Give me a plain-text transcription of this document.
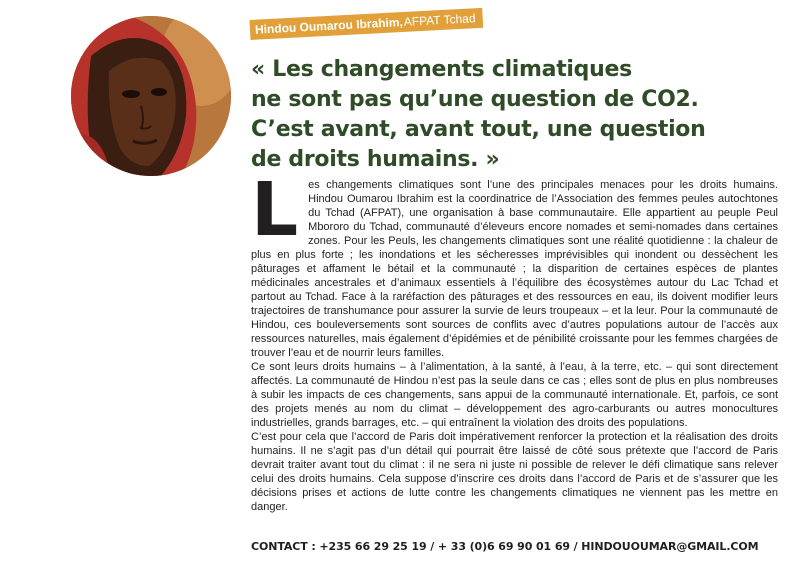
Hindou Oumarou Ibrahim, AFPAT Tchad
« Les changements climatiques
ne sont pas qu’une question de CO2.
C’est avant, avant tout, une question
de droits humains. »

Les changements climatiques sont l’une des principales menaces pour les droits humains. Hindou Oumarou Ibrahim est la coordinatrice de l’Association des femmes peules autochtones du Tchad (AFPAT), une organisation à base communautaire. Elle appartient au peuple Peul Mbororo du Tchad, communauté d’éleveurs encore nomades et semi-nomades dans certaines zones. Pour les Peuls, les changements climatiques sont une réalité quotidienne : la chaleur de plus en plus forte ; les inondations et les sécheresses imprévisibles qui inondent ou dessèchent les pâturages et affament le bétail et la communauté ; la disparition de certaines espèces de plantes médicinales ancestrales et d’animaux essentiels à l’équilibre des écosystèmes autour du Lac Tchad et partout au Tchad. Face à la raréfaction des pâturages et des ressources en eau, ils doivent modifier leurs trajectoires de transhumance pour assurer la survie de leurs troupeaux – et la leur. Pour la communauté de Hindou, ces bouleversements sont sources de conflits avec d’autres populations autour de l’accès aux ressources naturelles, mais également d’épidémies et de pénibilité croissante pour les femmes chargées de trouver l’eau et de nourrir leurs familles.

Ce sont leurs droits humains – à l’alimentation, à la santé, à l’eau, à la terre, etc. – qui sont directement affectés. La communauté de Hindou n’est pas la seule dans ce cas ; elles sont de plus en plus nombreuses à subir les impacts de ces changements, sans appui de la communauté internationale. Et, parfois, ce sont des projets menés au nom du climat – développement des agro-carburants ou autres monocultures industrielles, grands barrages, etc. – qui entraînent la violation des droits des populations.

C’est pour cela que l’accord de Paris doit impérativement renforcer la protection et la réalisation des droits humains. Il ne s’agit pas d’un détail qui pourrait être laissé de côté sous prétexte que l’accord de Paris devrait traiter avant tout du climat : il ne sera ni juste ni possible de relever le défi climatique sans relever celui des droits humains. Cela suppose d’inscrire ces droits dans l’accord de Paris et de s’assurer que les décisions prises et actions de lutte contre les changements climatiques ne viennent pas les mettre en danger.

CONTACT : +235 66 29 25 19 / + 33 (0)6 69 90 01 69 / HINDOUOUMAR@GMAIL.COM
